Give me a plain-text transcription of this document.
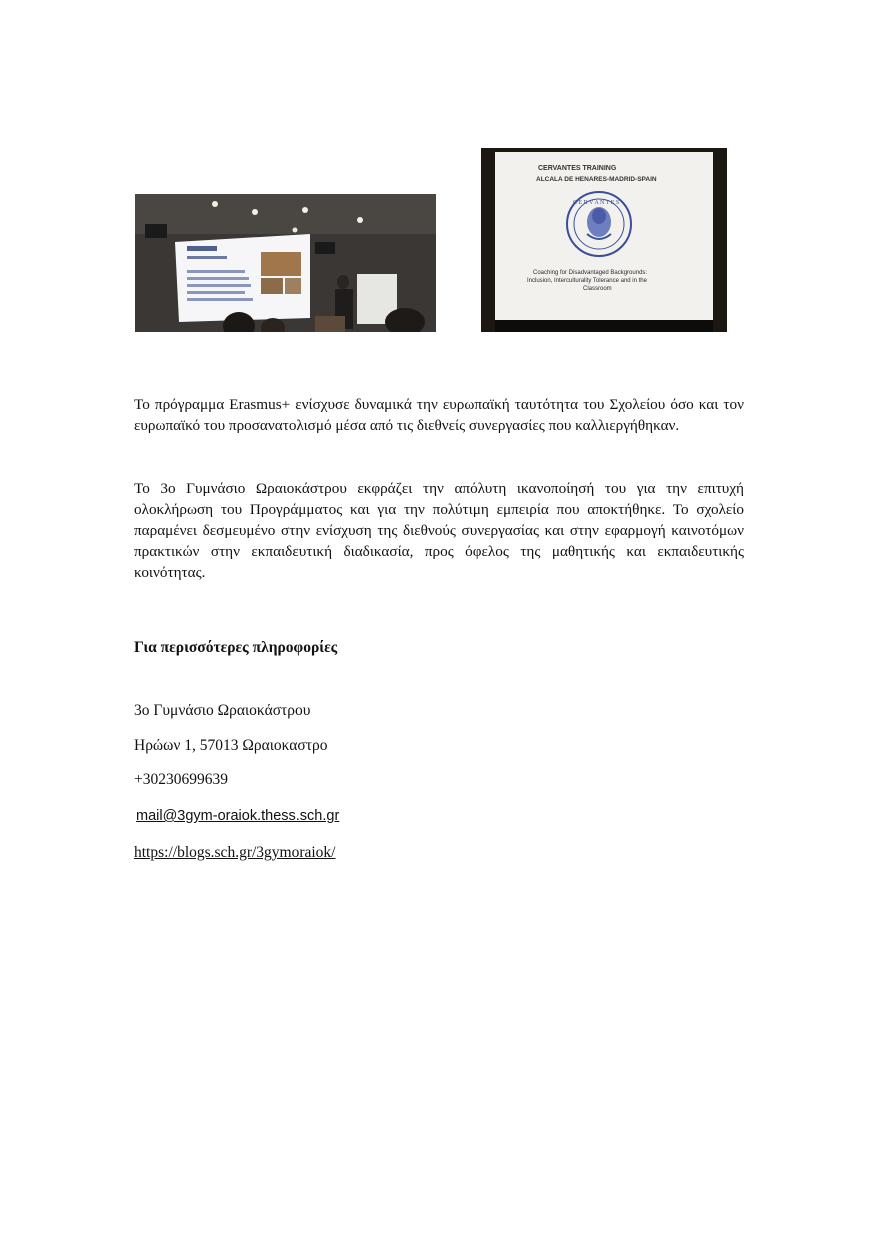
C E R V A N T E S
CERVANTES TRAINING
ALCALA DE HENARES-MADRID-SPAIN
Coaching for Disadvantaged Backgrounds:
Inclusion, Interculturality Tolerance and in the
Classroom

Το πρόγραμμα Erasmus+ ενίσχυσε δυναμικά την ευρωπαϊκή ταυτότητα του Σχολείου όσο και τον ευρωπαϊκό του προσανατολισμό μέσα από τις διεθνείς συνεργασίες που καλλιεργήθηκαν.

Το 3ο Γυμνάσιο Ωραιοκάστρου εκφράζει την απόλυτη ικανοποίησή του για την επιτυχή ολοκλήρωση του Προγράμματος και για την πολύτιμη εμπειρία που αποκτήθηκε. Το σχολείο παραμένει δεσμευμένο στην ενίσχυση της διεθνούς συνεργασίας και στην εφαρμογή καινοτόμων πρακτικών στην εκπαιδευτική διαδικασία, προς όφελος της μαθητικής και εκπαιδευτικής κοινότητας.

Για περισσότερες πληροφορίες

3ο Γυμνάσιο Ωραιοκάστρου

Ηρώων 1, 57013 Ωραιοκαστρο

+30230699639

mail@3gym-oraiok.thess.sch.gr
https://blogs.sch.gr/3gymoraiok/
